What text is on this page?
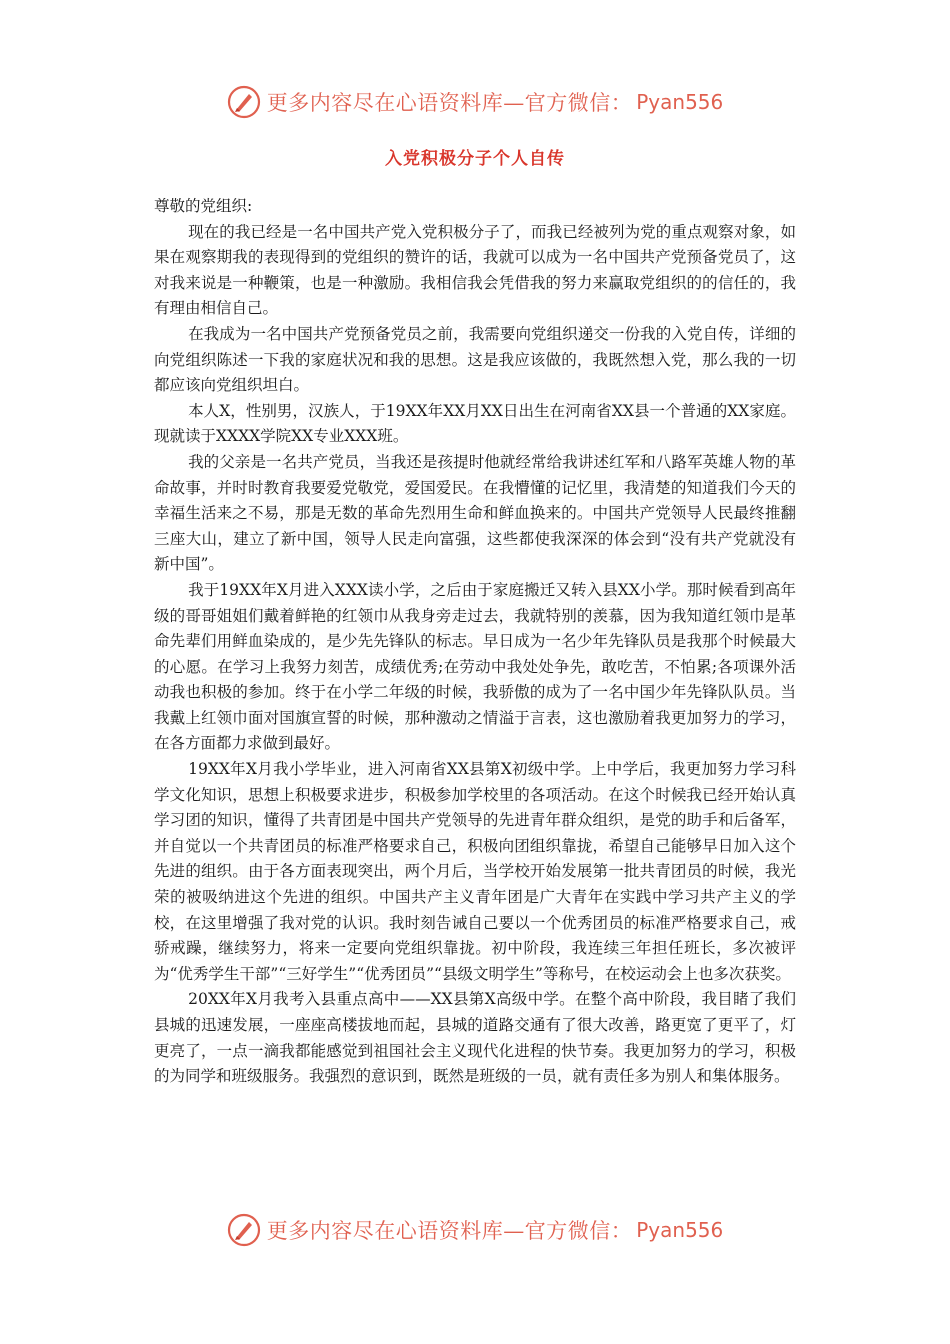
更多内容尽在心语资料库—官方微信： Pyan556
入党积极分子个人自传

尊敬的党组织:

现在的我已经是一名中国共产党入党积极分子了，而我已经被列为党的重点观察对象，如果在观察期我的表现得到的党组织的赞许的话，我就可以成为一名中国共产党预备党员了，这对我来说是一种鞭策，也是一种激励。我相信我会凭借我的努力来赢取党组织的的信任的，我有理由相信自己。

在我成为一名中国共产党预备党员之前，我需要向党组织递交一份我的入党自传，详细的向党组织陈述一下我的家庭状况和我的思想。这是我应该做的，我既然想入党，那么我的一切都应该向党组织坦白。

本人X，性别男，汉族人，于19XX年XX月XX日出生在河南省XX县一个普通的XX家庭。现就读于XXXX学院XX专业XXX班。

我的父亲是一名共产党员，当我还是孩提时他就经常给我讲述红军和八路军英雄人物的革命故事，并时时教育我要爱党敬党，爱国爱民。在我懵懂的记忆里，我清楚的知道我们今天的幸福生活来之不易，那是无数的革命先烈用生命和鲜血换来的。中国共产党领导人民最终推翻三座大山，建立了新中国，领导人民走向富强，这些都使我深深的体会到“没有共产党就没有新中国”。

我于19XX年X月进入XXX读小学，之后由于家庭搬迁又转入县XX小学。那时候看到高年级的哥哥姐姐们戴着鲜艳的红领巾从我身旁走过去，我就特别的羡慕，因为我知道红领巾是革命先辈们用鲜血染成的，是少先先锋队的标志。早日成为一名少年先锋队员是我那个时候最大的心愿。在学习上我努力刻苦，成绩优秀;在劳动中我处处争先，敢吃苦，不怕累;各项课外活动我也积极的参加。终于在小学二年级的时候，我骄傲的成为了一名中国少年先锋队队员。当我戴上红领巾面对国旗宣誓的时候，那种激动之情溢于言表，这也激励着我更加努力的学习，在各方面都力求做到最好。

19XX年X月我小学毕业，进入河南省XX县第X初级中学。上中学后，我更加努力学习科学文化知识，思想上积极要求进步，积极参加学校里的各项活动。在这个时候我已经开始认真学习团的知识，懂得了共青团是中国共产党领导的先进青年群众组织，是党的助手和后备军，并自觉以一个共青团员的标准严格要求自己，积极向团组织靠拢，希望自己能够早日加入这个先进的组织。由于各方面表现突出，两个月后，当学校开始发展第一批共青团员的时候，我光荣的被吸纳进这个先进的组织。中国共产主义青年团是广大青年在实践中学习共产主义的学校，在这里增强了我对党的认识。我时刻告诫自己要以一个优秀团员的标准严格要求自己，戒骄戒躁，继续努力，将来一定要向党组织靠拢。初中阶段，我连续三年担任班长，多次被评为“优秀学生干部”“三好学生”“优秀团员”“县级文明学生”等称号，在校运动会上也多次获奖。

20XX年X月我考入县重点高中——XX县第X高级中学。在整个高中阶段，我目睹了我们县城的迅速发展，一座座高楼拔地而起，县城的道路交通有了很大改善，路更宽了更平了，灯更亮了，一点一滴我都能感觉到祖国社会主义现代化进程的快节奏。我更加努力的学习，积极的为同学和班级服务。我强烈的意识到，既然是班级的一员，就有责任多为别人和集体服务。

更多内容尽在心语资料库—官方微信： Pyan556
